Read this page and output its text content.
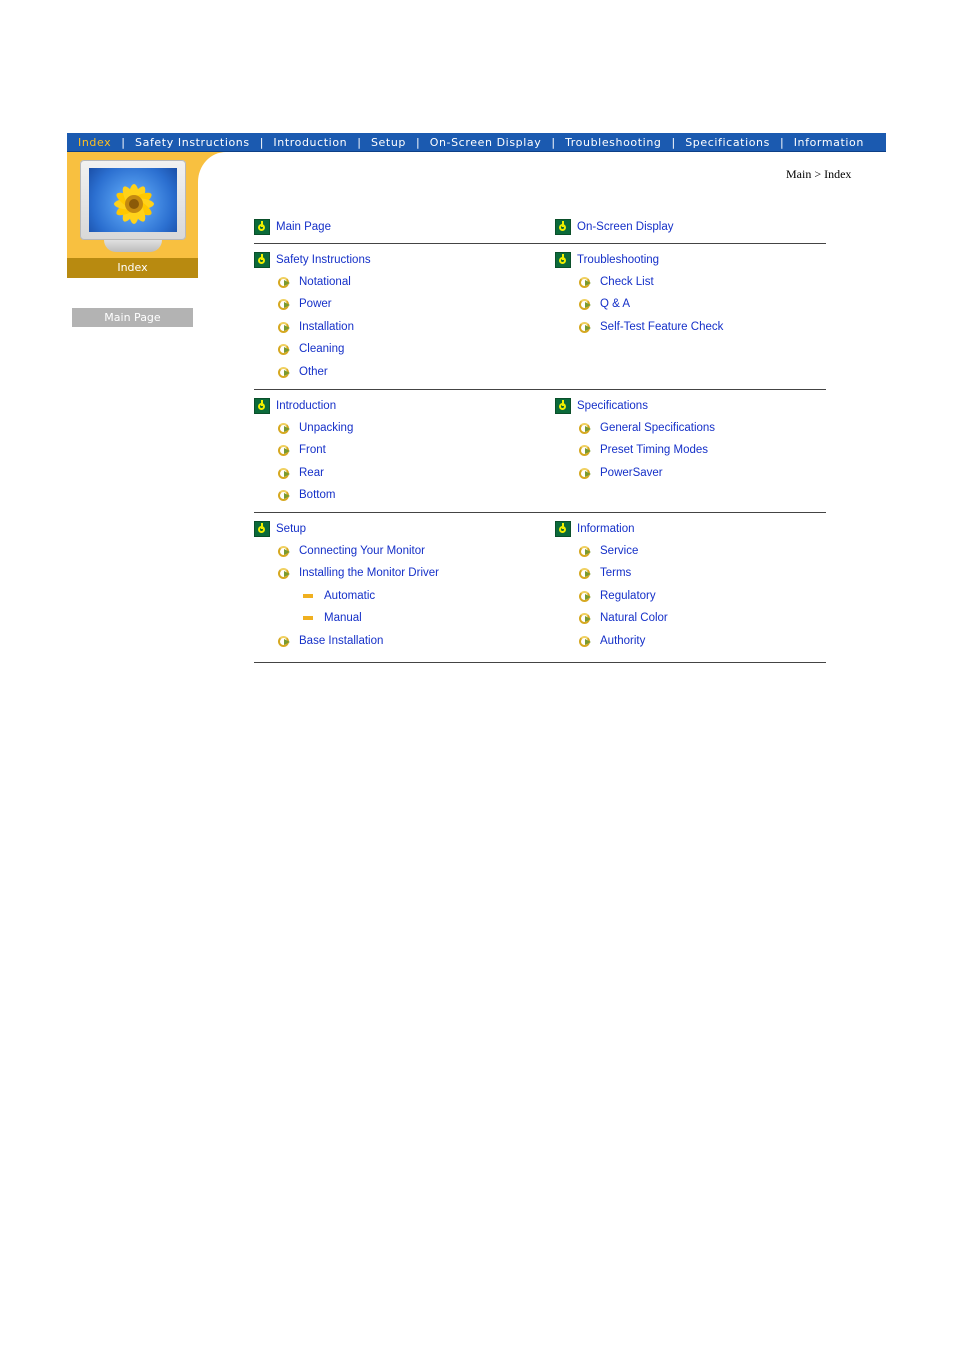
Index | Safety Instructions | Introduction | Setup | On-Screen Display | Troubleshooting | Specifications | Information
Index
Main Page
Main > Index
Main Page	On-Screen Display
Safety Instructions
Notational
Power
Installation
Cleaning
Other
Troubleshooting
Check List
Q & A
Self-Test Feature Check
Introduction
Unpacking
Front
Rear
Bottom
Specifications
General Specifications
Preset Timing Modes
PowerSaver
Setup
Connecting Your Monitor
Installing the Monitor Driver
Automatic
Manual
Base Installation
Information
Service
Terms
Regulatory
Natural Color
Authority
